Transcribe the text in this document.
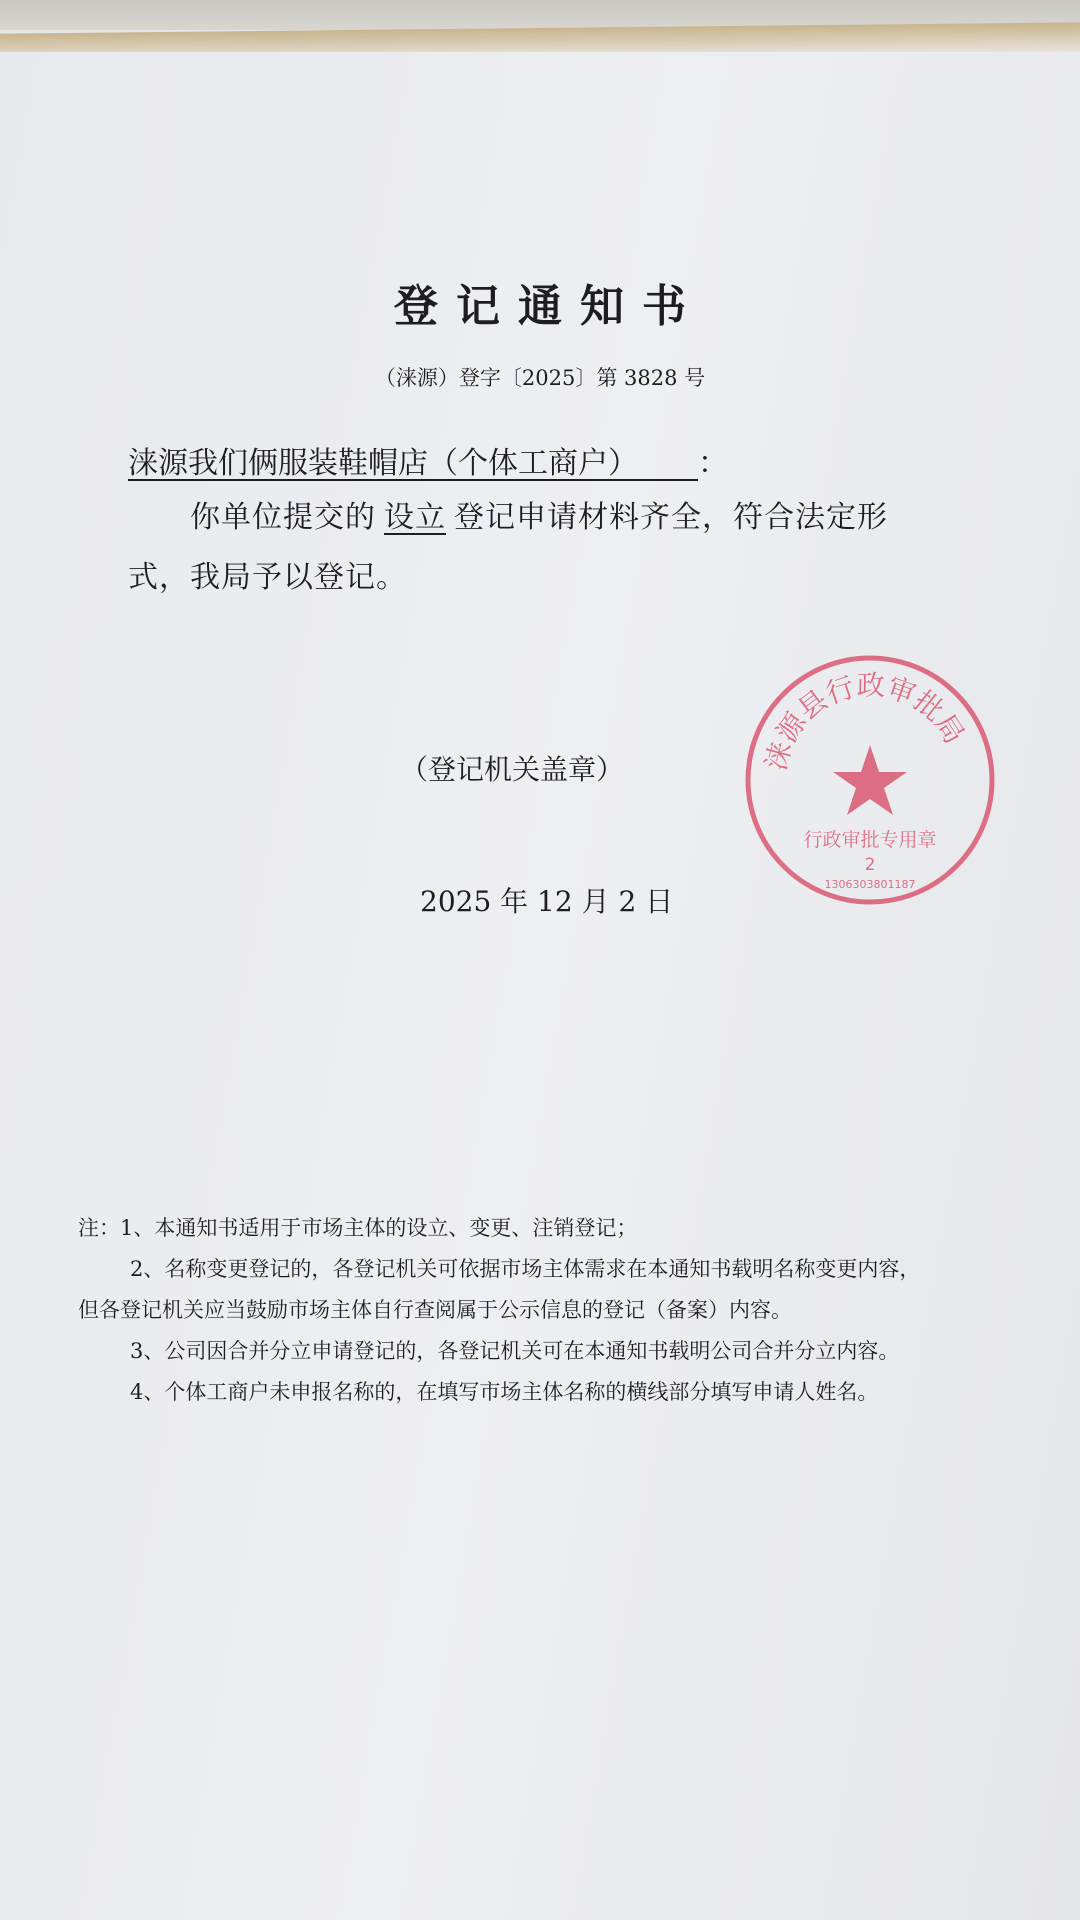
登记通知书
（涞源）登字〔2025〕第 3828 号
涞源我们俩服装鞋帽店（个体工商户）   ：
你单位提交的 设立 登记申请材料齐全，符合法定形
式，我局予以登记。
涞源县行政审批局
行政审批专用章
2
1306303801187
（登记机关盖章）
2025 年 12 月 2 日
注：1、本通知书适用于市场主体的设立、变更、注销登记；
2、名称变更登记的，各登记机关可依据市场主体需求在本通知书载明名称变更内容，
但各登记机关应当鼓励市场主体自行查阅属于公示信息的登记（备案）内容。
3、公司因合并分立申请登记的，各登记机关可在本通知书载明公司合并分立内容。
4、个体工商户未申报名称的，在填写市场主体名称的横线部分填写申请人姓名。
